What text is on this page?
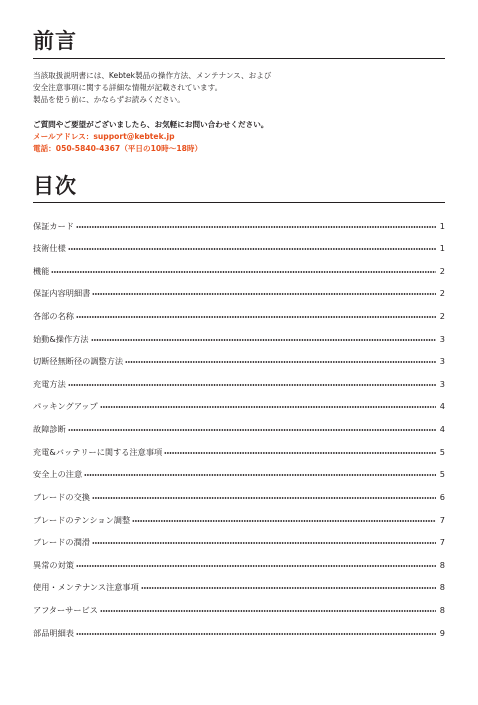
前言
当該取扱説明書には、Kebtek製品の操作方法、メンテナンス、および
安全注意事項に関する詳細な情報が記載されています。
製品を使う前に、かならずお読みください。
ご質問やご要望がございましたら、お気軽にお問い合わせください。
メールアドレス：support@kebtek.jp
電話：050-5840-4367（平日の10時～18時）
目次
保証カード	1
技術仕様	1
機能	2
保証内容明細書	2
各部の名称	2
始動&操作方法	3
切断径無断径の調整方法	3
充電方法	3
パッキングアップ	4
故障診断	4
充電&バッテリーに関する注意事項	5
安全上の注意	5
ブレードの交換	6
ブレードのテンション調整	7
ブレードの潤滑	7
異常の対策	8
使用・メンテナンス注意事項	8
アフターサービス	8
部品明細表	9
